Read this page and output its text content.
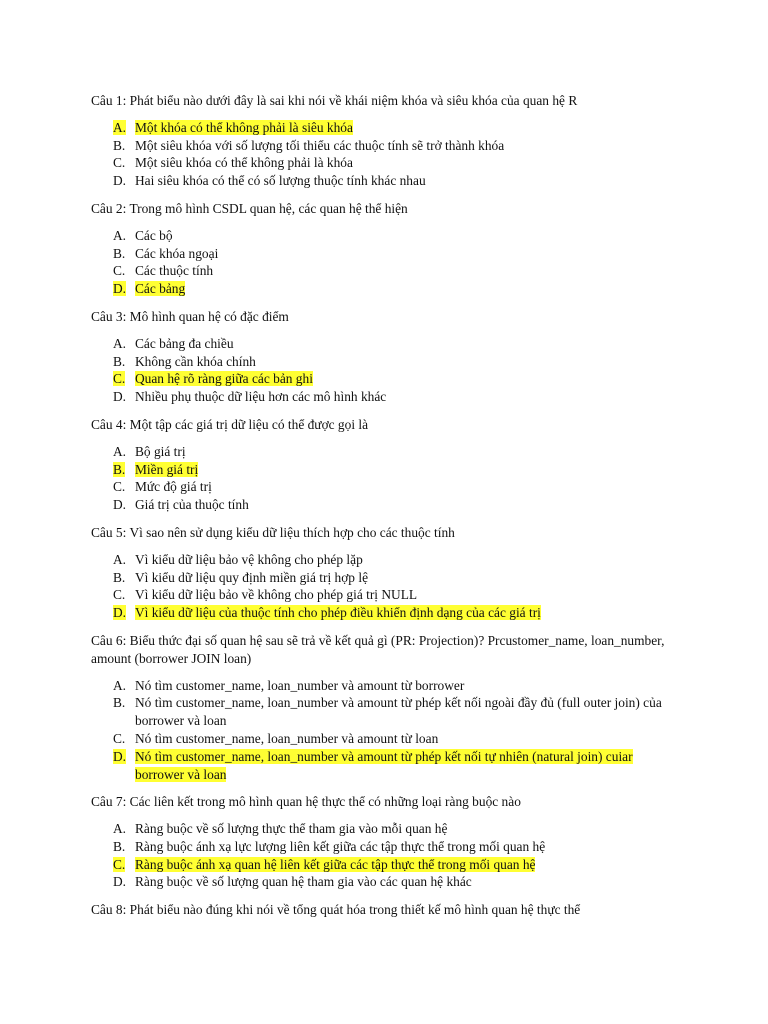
Câu 1: Phát biểu nào dưới đây là sai khi nói về khái niệm khóa và siêu khóa của quan hệ R
A. Một khóa có thể không phải là siêu khóa
B. Một siêu khóa với số lượng tối thiểu các thuộc tính sẽ trở thành khóa
C. Một siêu khóa có thể không phải là khóa
D. Hai siêu khóa có thể có số lượng thuộc tính khác nhau
Câu 2: Trong mô hình CSDL quan hệ, các quan hệ thể hiện
A. Các bộ
B. Các khóa ngoại
C. Các thuộc tính
D. Các bảng
Câu 3: Mô hình quan hệ có đặc điểm
A. Các bảng đa chiều
B. Không cần khóa chính
C. Quan hệ rõ ràng giữa các bản ghi
D. Nhiều phụ thuộc dữ liệu hơn các mô hình khác
Câu 4: Một tập các giá trị dữ liệu có thể được gọi là
A. Bộ giá trị
B. Miền giá trị
C. Mức độ giá trị
D. Giá trị của thuộc tính
Câu 5: Vì sao nên sử dụng kiểu dữ liệu thích hợp cho các thuộc tính
A. Vì kiểu dữ liệu bảo vệ không cho phép lặp
B. Vì kiểu dữ liệu quy định miền giá trị hợp lệ
C. Vì kiểu dữ liệu bảo về không cho phép giá trị NULL
D. Vì kiểu dữ liệu của thuộc tính cho phép điều khiển định dạng của các giá trị
Câu 6: Biểu thức đại số quan hệ sau sẽ trả về kết quả gì (PR: Projection)? Prcustomer_name, loan_number, amount (borrower JOIN loan)
A. Nó tìm customer_name, loan_number và amount từ borrower
B. Nó tìm customer_name, loan_number và amount từ phép kết nối ngoài đầy đủ (full outer join) của borrower và loan
C. Nó tìm customer_name, loan_number và amount từ loan
D. Nó tìm customer_name, loan_number và amount từ phép kết nối tự nhiên (natural join) cuiar borrower và loan
Câu 7: Các liên kết trong mô hình quan hệ thực thể có những loại ràng buộc nào
A. Ràng buộc về số lượng thực thể tham gia vào mỗi quan hệ
B. Ràng buộc ánh xạ lực lượng liên kết giữa các tập thực thể trong mối quan hệ
C. Ràng buộc ánh xạ quan hệ liên kết giữa các tập thực thể trong mối quan hệ
D. Ràng buộc về số lượng quan hệ tham gia vào các quan hệ khác
Câu 8: Phát biểu nào đúng khi nói về tổng quát hóa trong thiết kế mô hình quan hệ thực thể
